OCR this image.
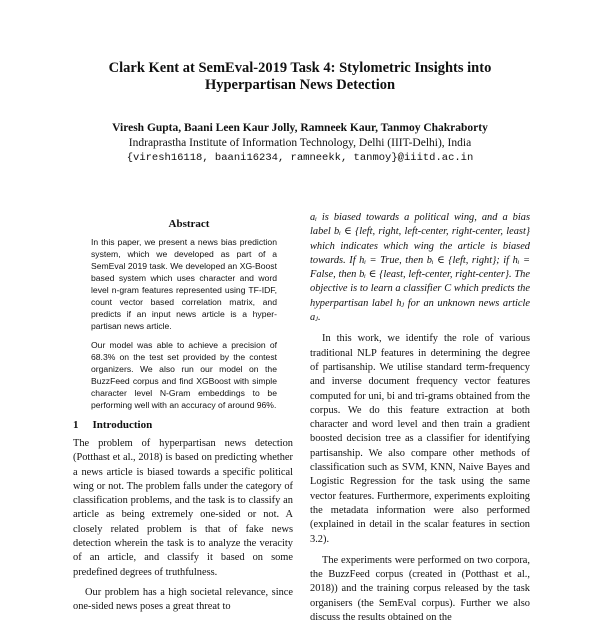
Clark Kent at SemEval-2019 Task 4: Stylometric Insights into
Hyperpartisan News Detection
Viresh Gupta, Baani Leen Kaur Jolly, Ramneek Kaur, Tanmoy Chakraborty
Indraprastha Institute of Information Technology, Delhi (IIIT-Delhi), India
{viresh16118, baani16234, ramneekk, tanmoy}@iiitd.ac.in
Abstract

In this paper, we present a news bias prediction system, which we developed as part of a SemEval 2019 task. We developed an XG-Boost based system which uses character and word level n-gram features represented using TF-IDF, count vector based correlation matrix, and predicts if an input news article is a hyper-partisan news article.

Our model was able to achieve a precision of 68.3% on the test set provided by the contest organizers. We also run our model on the BuzzFeed corpus and find XGBoost with simple character level N-Gram embeddings to be performing well with an accuracy of around 96%.

1 Introduction

The problem of hyperpartisan news detection (Potthast et al., 2018) is based on predicting whether a news article is biased towards a specific political wing or not. The problem falls under the category of classification problems, and the task is to classify an article as being extremely one-sided or not. A closely related problem is that of fake news detection wherein the task is to analyze the veracity of an article, and classify it based on some predefined degrees of truthfulness.

Our problem has a high societal relevance, since one-sided news poses a great threat to

aᵢ is biased towards a political wing, and a bias label bᵢ ∈ {left, right, left-center, right-center, least} which indicates which wing the article is biased towards. If hᵢ = True, then bᵢ ∈ {left, right}; if hᵢ = False, then bᵢ ∈ {least, left-center, right-center}. The objective is to learn a classifier C which predicts the hyperpartisan label hⱼ for an unknown news article aⱼ.

In this work, we identify the role of various traditional NLP features in determining the degree of partisanship. We utilise standard term-frequency and inverse document frequency vector features computed for uni, bi and tri-grams obtained from the corpus. We do this feature extraction at both character and word level and then train a gradient boosted decision tree as a classifier for identifying partisanship. We also compare other methods of classification such as SVM, KNN, Naive Bayes and Logistic Regression for the task using the same vector features. Furthermore, experiments exploiting the metadata information were also performed (explained in detail in the scalar features in section 3.2).

The experiments were performed on two corpora, the BuzzFeed corpus (created in (Potthast et al., 2018)) and the training corpus released by the task organisers (the SemEval corpus). Further we also discuss the results obtained on the
